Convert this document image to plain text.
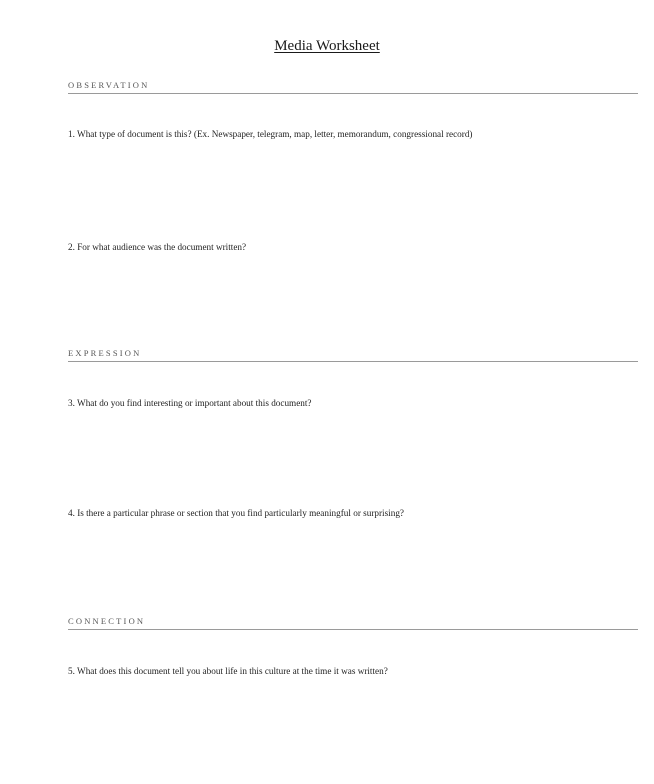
Media Worksheet
OBSERVATION
1. What type of document is this? (Ex. Newspaper, telegram, map, letter, memorandum, congressional record)
2. For what audience was the document written?
EXPRESSION
3. What do you find interesting or important about this document?
4. Is there a particular phrase or section that you find particularly meaningful or surprising?
CONNECTION
5. What does this document tell you about life in this culture at the time it was written?
